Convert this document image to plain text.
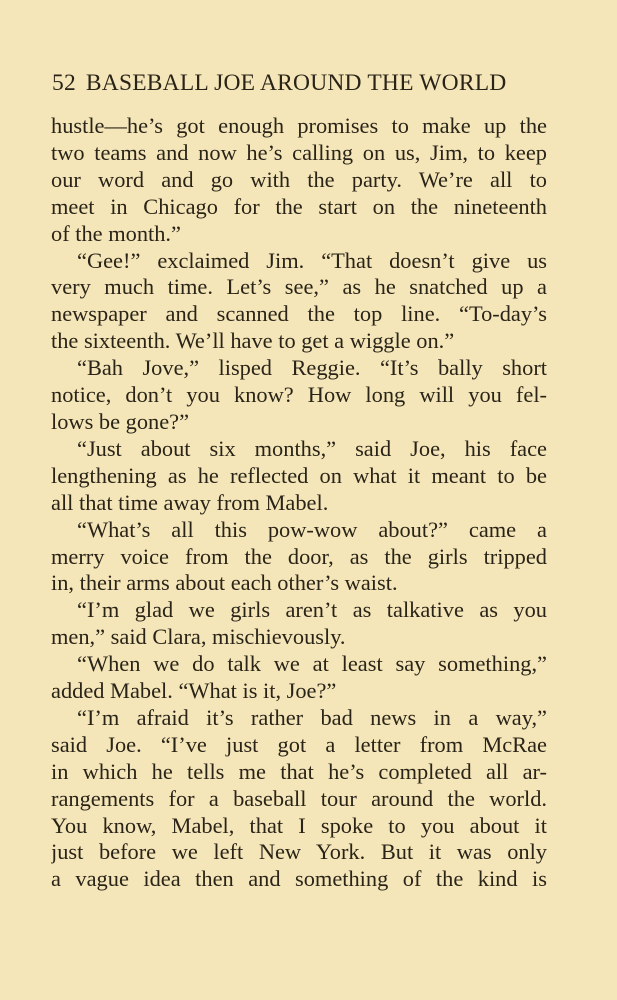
52 BASEBALL JOE AROUND THE WORLD
hustle—he’s got enough promises to make up the
two teams and now he’s calling on us, Jim, to keep
our word and go with the party. We’re all to
meet in Chicago for the start on the nineteenth
of the month.”
“Gee!” exclaimed Jim. “That doesn’t give us
very much time. Let’s see,” as he snatched up a
newspaper and scanned the top line. “To-day’s
the sixteenth. We’ll have to get a wiggle on.”
“Bah Jove,” lisped Reggie. “It’s bally short
notice, don’t you know? How long will you fel-
lows be gone?”
“Just about six months,” said Joe, his face
lengthening as he reflected on what it meant to be
all that time away from Mabel.
“What’s all this pow-wow about?” came a
merry voice from the door, as the girls tripped
in, their arms about each other’s waist.
“I’m glad we girls aren’t as talkative as you
men,” said Clara, mischievously.
“When we do talk we at least say something,”
added Mabel. “What is it, Joe?”
“I’m afraid it’s rather bad news in a way,”
said Joe. “I’ve just got a letter from McRae
in which he tells me that he’s completed all ar-
rangements for a baseball tour around the world.
You know, Mabel, that I spoke to you about it
just before we left New York. But it was only
a vague idea then and something of the kind is
